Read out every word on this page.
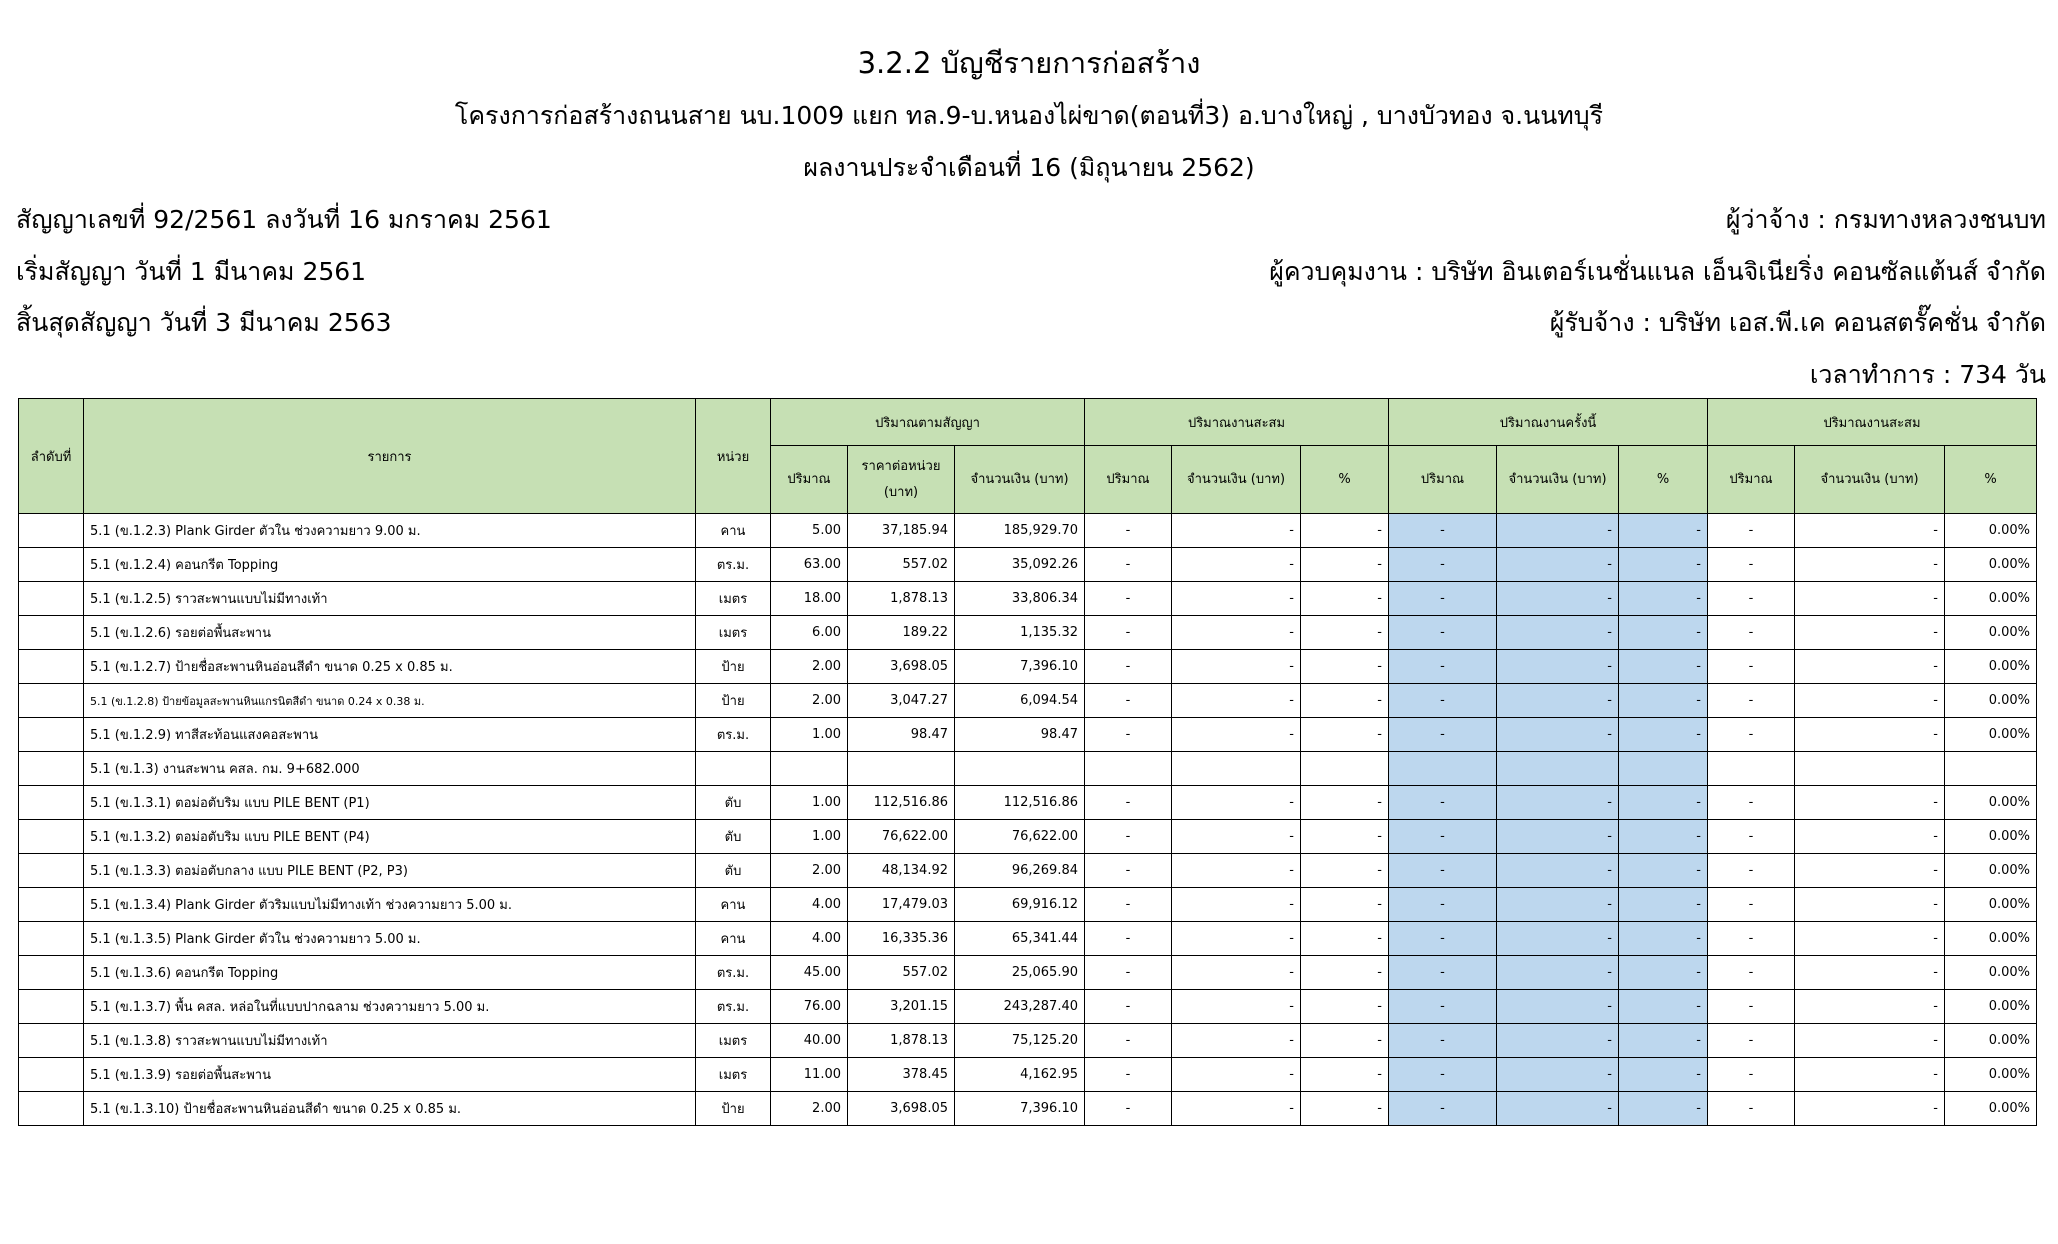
3.2.2 บัญชีรายการก่อสร้าง
โครงการก่อสร้างถนนสาย นบ.1009 แยก ทล.9-บ.หนองไผ่ขาด(ตอนที่3) อ.บางใหญ่ , บางบัวทอง จ.นนทบุรี
ผลงานประจำเดือนที่ 16 (มิถุนายน 2562)
สัญญาเลขที่ 92/2561 ลงวันที่ 16 มกราคม 2561	ผู้ว่าจ้าง : กรมทางหลวงชนบท
เริ่มสัญญา วันที่ 1 มีนาคม 2561	ผู้ควบคุมงาน : บริษัท อินเตอร์เนชั่นแนล เอ็นจิเนียริ่ง คอนซัลแต้นส์ จำกัด
สิ้นสุดสัญญา วันที่ 3 มีนาคม 2563	ผู้รับจ้าง : บริษัท เอส.พี.เค คอนสตรั๊คชั่น จำกัด
เวลาทำการ : 734 วัน
ลำดับที่	รายการ	หน่วย	ปริมาณตามสัญญา			ปริมาณงานสะสม			ปริมาณงานครั้งนี้			ปริมาณงานสะสม		
			ปริมาณ	ราคาต่อหน่วย (บาท)	จำนวนเงิน (บาท)	ปริมาณ	จำนวนเงิน (บาท)	%	ปริมาณ	จำนวนเงิน (บาท)	%	ปริมาณ	จำนวนเงิน (บาท)	%
	5.1 (ข.1.2.3) Plank Girder ตัวใน ช่วงความยาว 9.00 ม.	คาน	5.00	37,185.94	185,929.70	-	-	-	-	-	-	-	-	0.00%
	5.1 (ข.1.2.4) คอนกรีต Topping	ตร.ม.	63.00	557.02	35,092.26	-	-	-	-	-	-	-	-	0.00%
	5.1 (ข.1.2.5) ราวสะพานแบบไม่มีทางเท้า	เมตร	18.00	1,878.13	33,806.34	-	-	-	-	-	-	-	-	0.00%
	5.1 (ข.1.2.6) รอยต่อพื้นสะพาน	เมตร	6.00	189.22	1,135.32	-	-	-	-	-	-	-	-	0.00%
	5.1 (ข.1.2.7) ป้ายชื่อสะพานหินอ่อนสีดำ ขนาด 0.25 x 0.85 ม.	ป้าย	2.00	3,698.05	7,396.10	-	-	-	-	-	-	-	-	0.00%
	5.1 (ข.1.2.8) ป้ายข้อมูลสะพานหินแกรนิตสีดำ ขนาด 0.24 x 0.38 ม.	ป้าย	2.00	3,047.27	6,094.54	-	-	-	-	-	-	-	-	0.00%
	5.1 (ข.1.2.9) ทาสีสะท้อนแสงคอสะพาน	ตร.ม.	1.00	98.47	98.47	-	-	-	-	-	-	-	-	0.00%
	5.1 (ข.1.3) งานสะพาน คสล. กม. 9+682.000													
	5.1 (ข.1.3.1) ตอม่อตับริม แบบ PILE BENT (P1)	ตับ	1.00	112,516.86	112,516.86	-	-	-	-	-	-	-	-	0.00%
	5.1 (ข.1.3.2) ตอม่อตับริม แบบ PILE BENT (P4)	ตับ	1.00	76,622.00	76,622.00	-	-	-	-	-	-	-	-	0.00%
	5.1 (ข.1.3.3) ตอม่อตับกลาง แบบ PILE BENT (P2, P3)	ตับ	2.00	48,134.92	96,269.84	-	-	-	-	-	-	-	-	0.00%
	5.1 (ข.1.3.4) Plank Girder ตัวริมแบบไม่มีทางเท้า ช่วงความยาว 5.00 ม.	คาน	4.00	17,479.03	69,916.12	-	-	-	-	-	-	-	-	0.00%
	5.1 (ข.1.3.5) Plank Girder ตัวใน ช่วงความยาว 5.00 ม.	คาน	4.00	16,335.36	65,341.44	-	-	-	-	-	-	-	-	0.00%
	5.1 (ข.1.3.6) คอนกรีต Topping	ตร.ม.	45.00	557.02	25,065.90	-	-	-	-	-	-	-	-	0.00%
	5.1 (ข.1.3.7) พื้น คสล. หล่อในที่แบบปากฉลาม ช่วงความยาว 5.00 ม.	ตร.ม.	76.00	3,201.15	243,287.40	-	-	-	-	-	-	-	-	0.00%
	5.1 (ข.1.3.8) ราวสะพานแบบไม่มีทางเท้า	เมตร	40.00	1,878.13	75,125.20	-	-	-	-	-	-	-	-	0.00%
	5.1 (ข.1.3.9) รอยต่อพื้นสะพาน	เมตร	11.00	378.45	4,162.95	-	-	-	-	-	-	-	-	0.00%
	5.1 (ข.1.3.10) ป้ายชื่อสะพานหินอ่อนสีดำ ขนาด 0.25 x 0.85 ม.	ป้าย	2.00	3,698.05	7,396.10	-	-	-	-	-	-	-	-	0.00%
